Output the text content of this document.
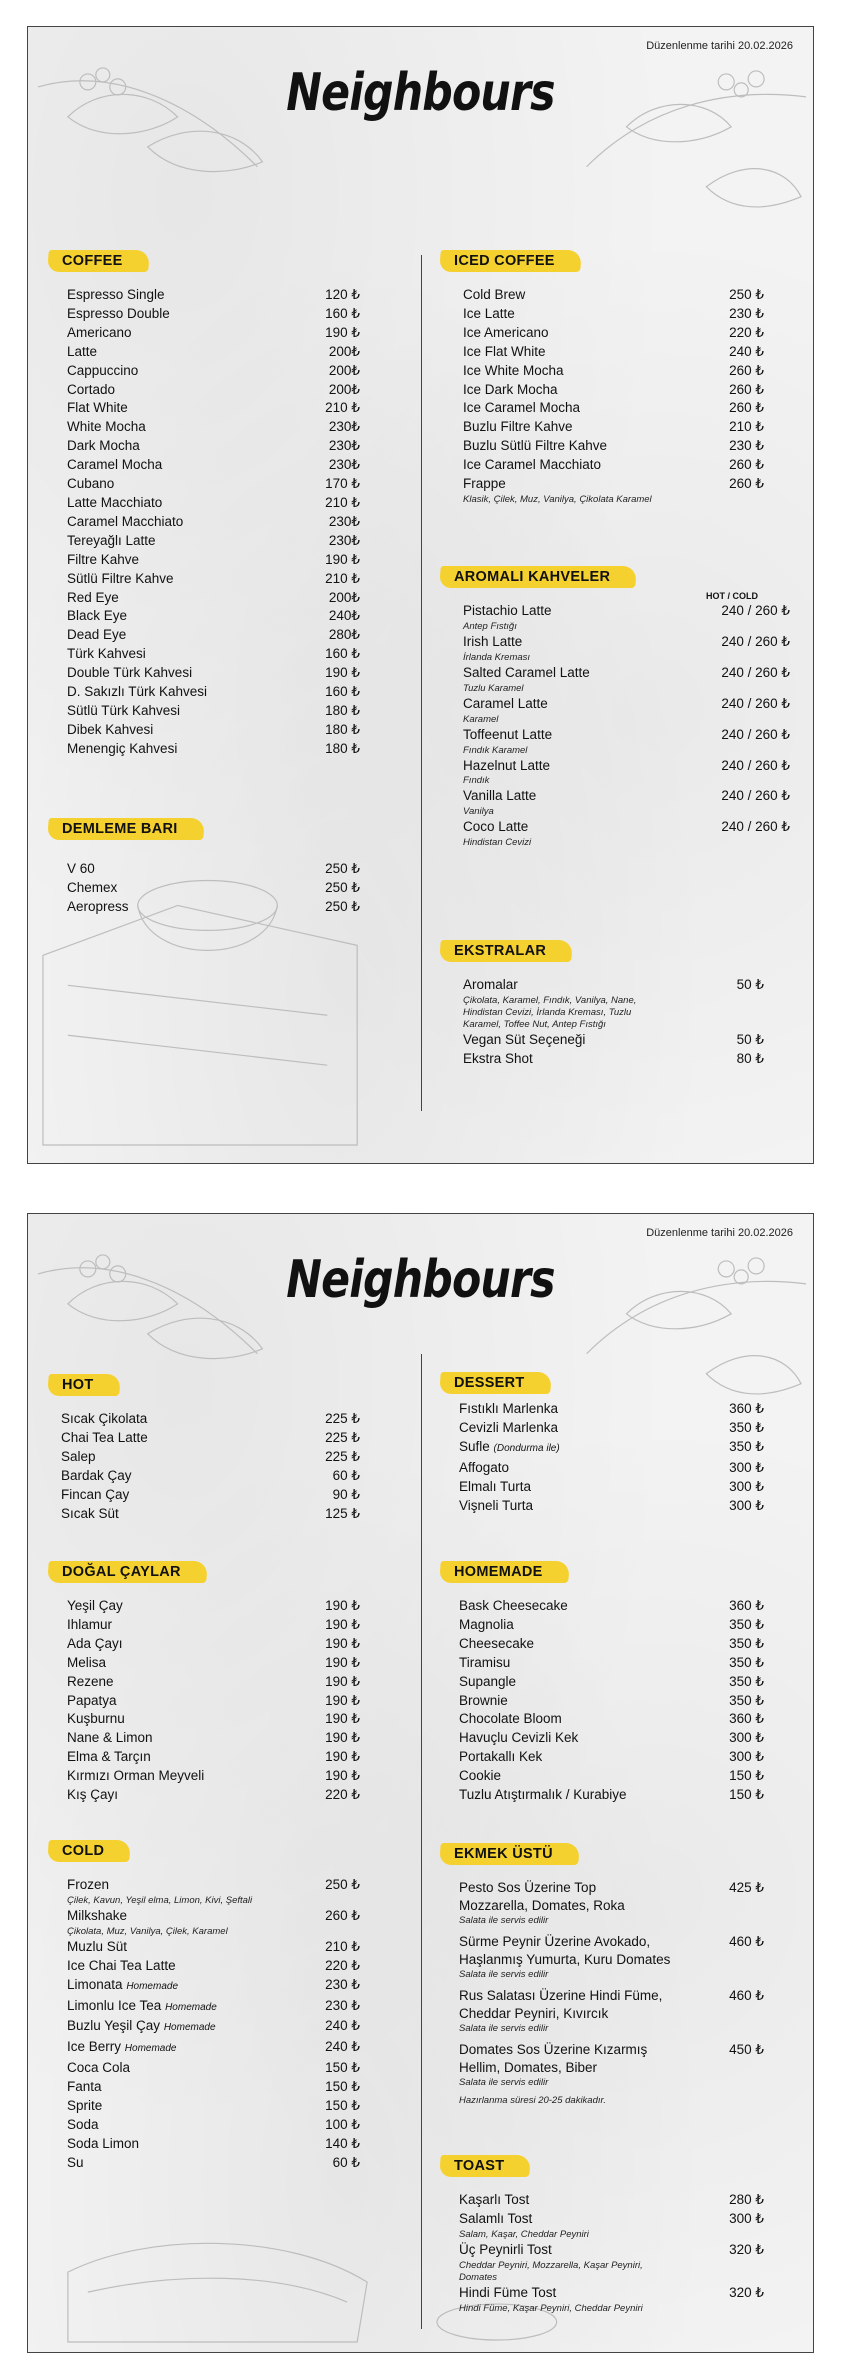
Düzenlenme tarihi 20.02.2026
Neighbours
COFFEE
Espresso Single	120 ₺
Espresso Double	160 ₺
Americano	190 ₺
Latte	200₺
Cappuccino	200₺
Cortado	200₺
Flat White	210 ₺
White Mocha	230₺
Dark Mocha	230₺
Caramel Mocha	230₺
Cubano	170 ₺
Latte Macchiato	210 ₺
Caramel Macchiato	230₺
Tereyağlı Latte	230₺
Filtre Kahve	190 ₺
Sütlü Filtre Kahve	210 ₺
Red Eye	200₺
Black Eye	240₺
Dead Eye	280₺
Türk Kahvesi	160 ₺
Double Türk Kahvesi	190 ₺
D. Sakızlı Türk Kahvesi	160 ₺
Sütlü Türk Kahvesi	180 ₺
Dibek Kahvesi	180 ₺
Menengiç Kahvesi	180 ₺
DEMLEME BARI
V 60	250 ₺
Chemex	250 ₺
Aeropress	250 ₺
ICED COFFEE
Cold Brew	250 ₺
Ice Latte	230 ₺
Ice Americano	220 ₺
Ice Flat White	240 ₺
Ice White Mocha	260 ₺
Ice Dark Mocha	260 ₺
Ice Caramel Mocha	260 ₺
Buzlu Filtre Kahve	210 ₺
Buzlu Sütlü Filtre Kahve	230 ₺
Ice Caramel Macchiato	260 ₺
Frappe	260 ₺
Klasik, Çilek, Muz, Vanilya, Çikolata Karamel
AROMALI KAHVELER
HOT / COLD
Pistachio Latte	240 / 260 ₺
Antep Fıstığı
Irish Latte	240 / 260 ₺
İrlanda Kreması
Salted Caramel Latte	240 / 260 ₺
Tuzlu Karamel
Caramel Latte	240 / 260 ₺
Karamel
Toffeenut Latte	240 / 260 ₺
Fındık Karamel
Hazelnut Latte	240 / 260 ₺
Fındık
Vanilla Latte	240 / 260 ₺
Vanilya
Coco Latte	240 / 260 ₺
Hindistan Cevizi
EKSTRALAR
Aromalar	50 ₺
Çikolata, Karamel, Fındık, Vanilya, Nane, Hindistan Cevizi, İrlanda Kreması, Tuzlu Karamel, Toffee Nut, Antep Fıstığı
Vegan Süt Seçeneği	50 ₺
Ekstra Shot	80 ₺
Düzenlenme tarihi 20.02.2026
Neighbours
HOT
Sıcak Çikolata	225 ₺
Chai Tea Latte	225 ₺
Salep	225 ₺
Bardak Çay	60 ₺
Fincan Çay	90 ₺
Sıcak Süt	125 ₺
DOĞAL ÇAYLAR
Yeşil Çay	190 ₺
Ihlamur	190 ₺
Ada Çayı	190 ₺
Melisa	190 ₺
Rezene	190 ₺
Papatya	190 ₺
Kuşburnu	190 ₺
Nane & Limon	190 ₺
Elma & Tarçın	190 ₺
Kırmızı Orman Meyveli	190 ₺
Kış Çayı	220 ₺
COLD
Frozen	250 ₺
Çilek, Kavun, Yeşil elma, Limon, Kivi, Şeftali
Milkshake	260 ₺
Çikolata, Muz, Vanilya, Çilek, Karamel
Muzlu Süt	210 ₺
Ice Chai Tea Latte	220 ₺
Limonata Homemade	230 ₺
Limonlu Ice Tea Homemade	230 ₺
Buzlu Yeşil Çay Homemade	240 ₺
Ice Berry Homemade	240 ₺
Coca Cola	150 ₺
Fanta	150 ₺
Sprite	150 ₺
Soda	100 ₺
Soda Limon	140 ₺
Su	60 ₺
DESSERT
Fıstıklı Marlenka	360 ₺
Cevizli Marlenka	350 ₺
Sufle (Dondurma ile)	350 ₺
Affogato	300 ₺
Elmalı Turta	300 ₺
Vişneli Turta	300 ₺
HOMEMADE
Bask Cheesecake	360 ₺
Magnolia	350 ₺
Cheesecake	350 ₺
Tiramisu	350 ₺
Supangle	350 ₺
Brownie	350 ₺
Chocolate Bloom	360 ₺
Havuçlu Cevizli Kek	300 ₺
Portakallı Kek	300 ₺
Cookie	150 ₺
Tuzlu Atıştırmalık / Kurabiye	150 ₺
EKMEK ÜSTÜ
Pesto Sos Üzerine Top	425 ₺
Mozzarella, Domates, Roka
Salata ile servis edilir
Sürme Peynir Üzerine Avokado,	460 ₺
Haşlanmış Yumurta, Kuru Domates
Salata ile servis edilir
Rus Salatası Üzerine Hindi Füme,	460 ₺
Cheddar Peyniri, Kıvırcık
Salata ile servis edilir
Domates Sos Üzerine Kızarmış	450 ₺
Hellim, Domates, Biber
Salata ile servis edilir
Hazırlanma süresi 20-25 dakikadır.
TOAST
Kaşarlı Tost	280 ₺
Salamlı Tost	300 ₺
Salam, Kaşar, Cheddar Peyniri
Üç Peynirli Tost	320 ₺
Cheddar Peyniri, Mozzarella, Kaşar Peyniri, Domates
Hindi Füme Tost	320 ₺
Hindi Füme, Kaşar Peyniri, Cheddar Peyniri
